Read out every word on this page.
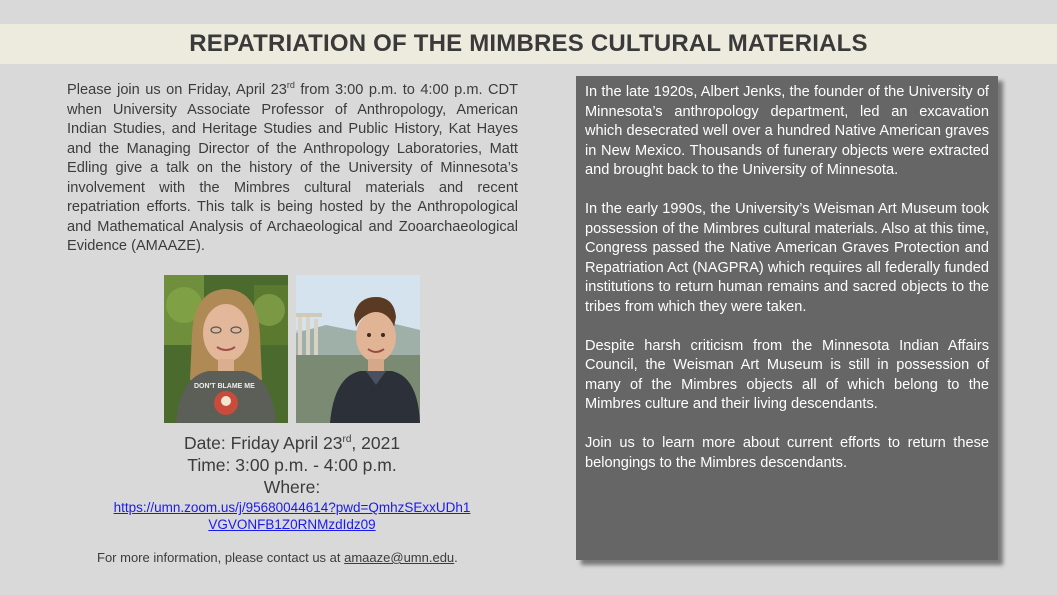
REPATRIATION OF THE MIMBRES CULTURAL MATERIALS
Please join us on Friday, April 23rd from 3:00 p.m. to 4:00 p.m. CDT when University Associate Professor of Anthropology, American Indian Studies, and Heritage Studies and Public History, Kat Hayes and the Managing Director of the Anthropology Laboratories, Matt Edling give a talk on the history of the University of Minnesota’s involvement with the Mimbres cultural materials and recent repatriation efforts. This talk is being hosted by the Anthropological and Mathematical Analysis of Archaeological and Zooarchaeological Evidence (AMAAZE).
DON'T BLAME ME
Date: Friday April 23rd, 2021
Time: 3:00 p.m. - 4:00 p.m.
Where:
https://umn.zoom.us/j/95680044614?pwd=QmhzSExxUDh1VGVONFB1Z0RNMzdIdz09
For more information, please contact us at amaaze@umn.edu.

In the late 1920s, Albert Jenks, the founder of the University of Minnesota’s anthropology department, led an excavation which desecrated well over a hundred Native American graves in New Mexico. Thousands of funerary objects were extracted and brought back to the University of Minnesota.

In the early 1990s, the University’s Weisman Art Museum took possession of the Mimbres cultural materials. Also at this time, Congress passed the Native American Graves Protection and Repatriation Act (NAGPRA) which requires all federally funded institutions to return human remains and sacred objects to the tribes from which they were taken.

Despite harsh criticism from the Minnesota Indian Affairs Council, the Weisman Art Museum is still in possession of many of the Mimbres objects all of which belong to the Mimbres culture and their living descendants.

Join us to learn more about current efforts to return these belongings to the Mimbres descendants.
